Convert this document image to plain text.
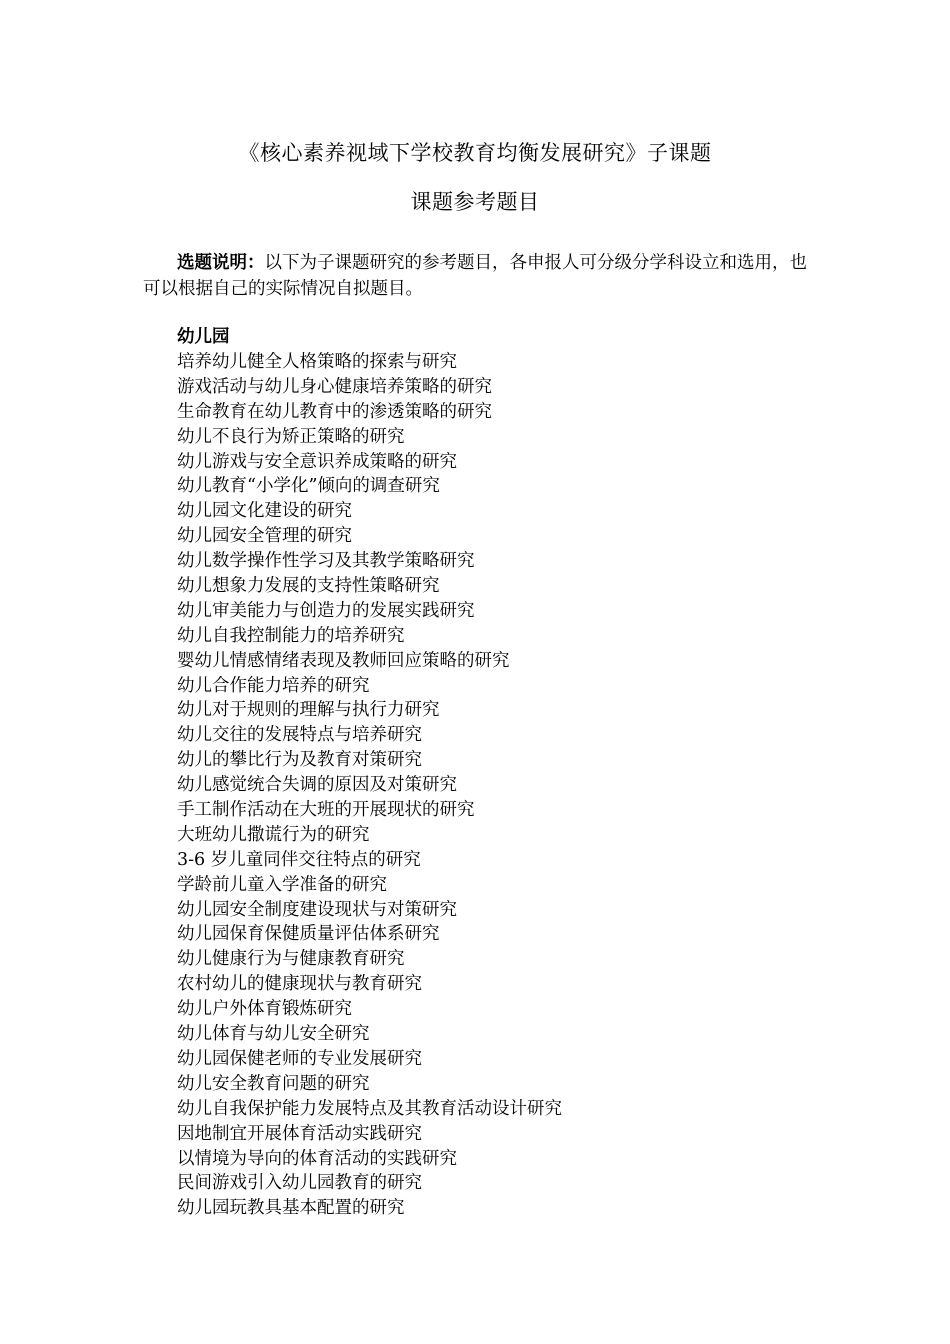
《核心素养视域下学校教育均衡发展研究》子课题
课题参考题目

选题说明：以下为子课题研究的参考题目，各申报人可分级分学科设立和选用，也可以根据自己的实际情况自拟题目。

幼儿园

培养幼儿健全人格策略的探索与研究
游戏活动与幼儿身心健康培养策略的研究
生命教育在幼儿教育中的渗透策略的研究
幼儿不良行为矫正策略的研究
幼儿游戏与安全意识养成策略的研究
幼儿教育“小学化”倾向的调查研究
幼儿园文化建设的研究
幼儿园安全管理的研究
幼儿数学操作性学习及其教学策略研究
幼儿想象力发展的支持性策略研究
幼儿审美能力与创造力的发展实践研究
幼儿自我控制能力的培养研究
婴幼儿情感情绪表现及教师回应策略的研究
幼儿合作能力培养的研究
幼儿对于规则的理解与执行力研究
幼儿交往的发展特点与培养研究
幼儿的攀比行为及教育对策研究
幼儿感觉统合失调的原因及对策研究
手工制作活动在大班的开展现状的研究
大班幼儿撒谎行为的研究
3-6 岁儿童同伴交往特点的研究
学龄前儿童入学准备的研究
幼儿园安全制度建设现状与对策研究
幼儿园保育保健质量评估体系研究
幼儿健康行为与健康教育研究
农村幼儿的健康现状与教育研究
幼儿户外体育锻炼研究
幼儿体育与幼儿安全研究
幼儿园保健老师的专业发展研究
幼儿安全教育问题的研究
幼儿自我保护能力发展特点及其教育活动设计研究
因地制宜开展体育活动实践研究
以情境为导向的体育活动的实践研究
民间游戏引入幼儿园教育的研究
幼儿园玩教具基本配置的研究
